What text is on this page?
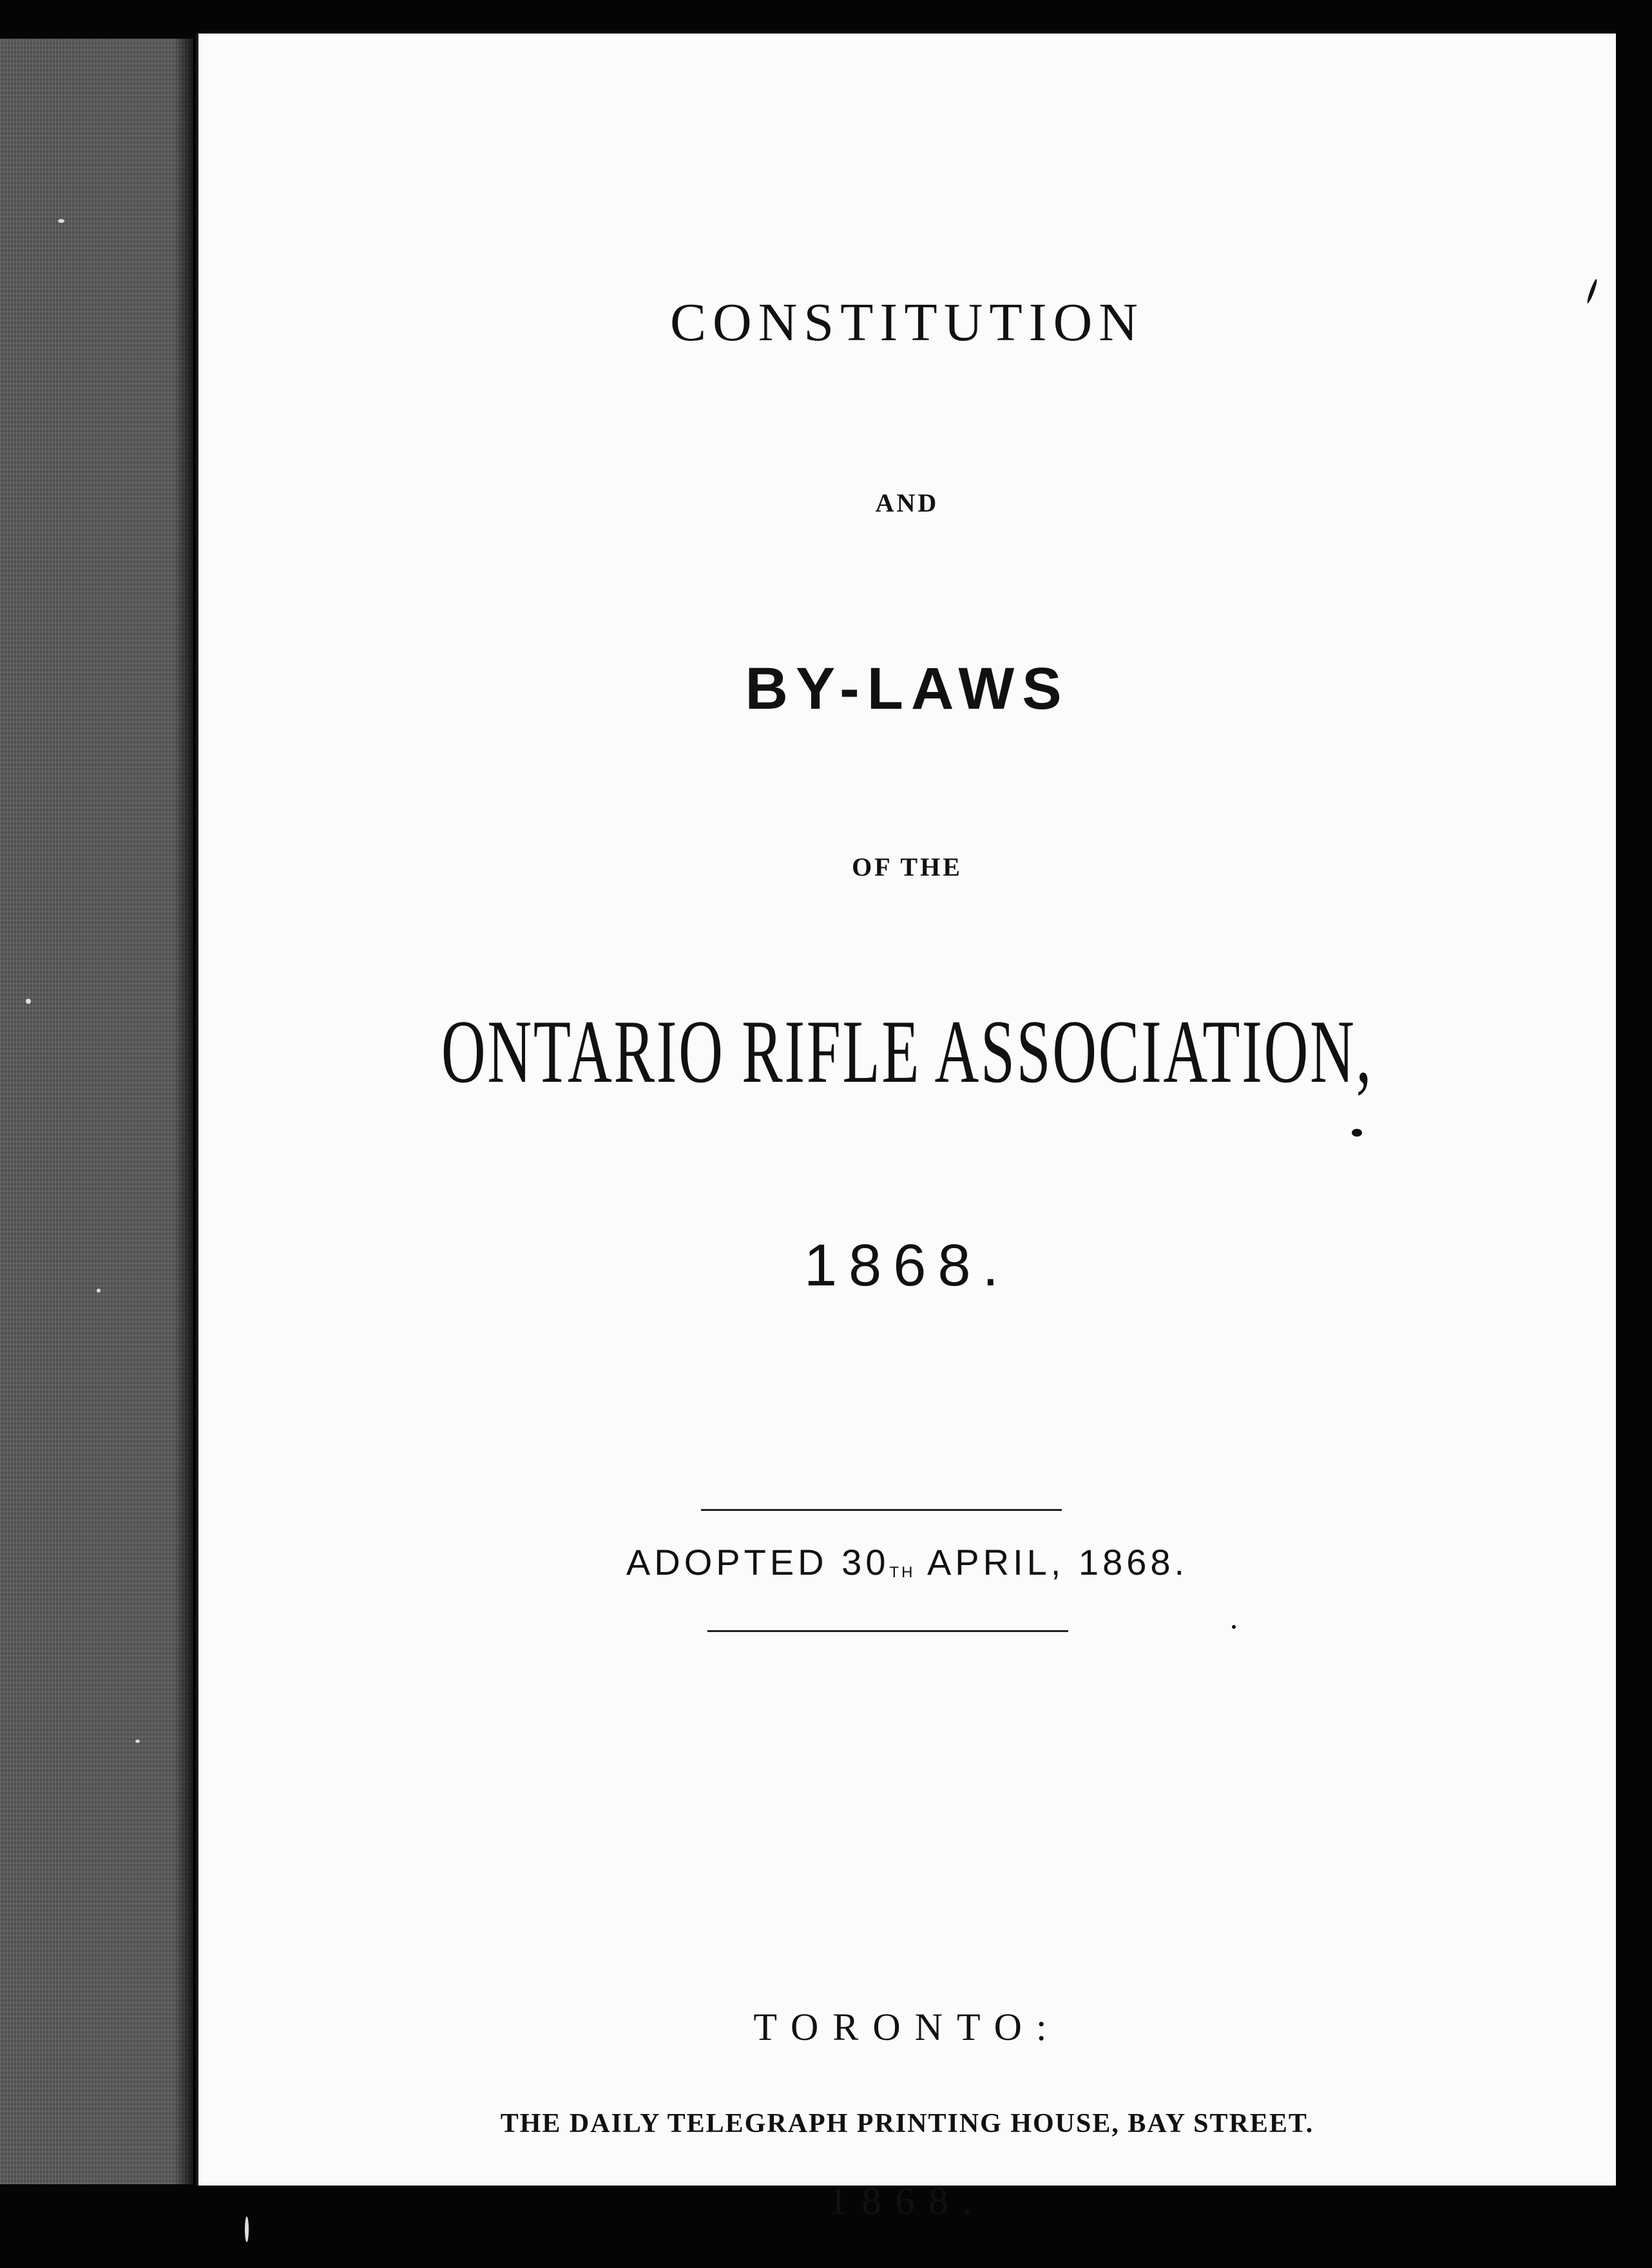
CONSTITUTION

AND

BY-LAWS

OF THE

ONTARIO RIFLE ASSOCIATION,

1868.

ADOPTED 30TH APRIL, 1868.

TORONTO:

THE DAILY TELEGRAPH PRINTING HOUSE, BAY STREET.

1868.
